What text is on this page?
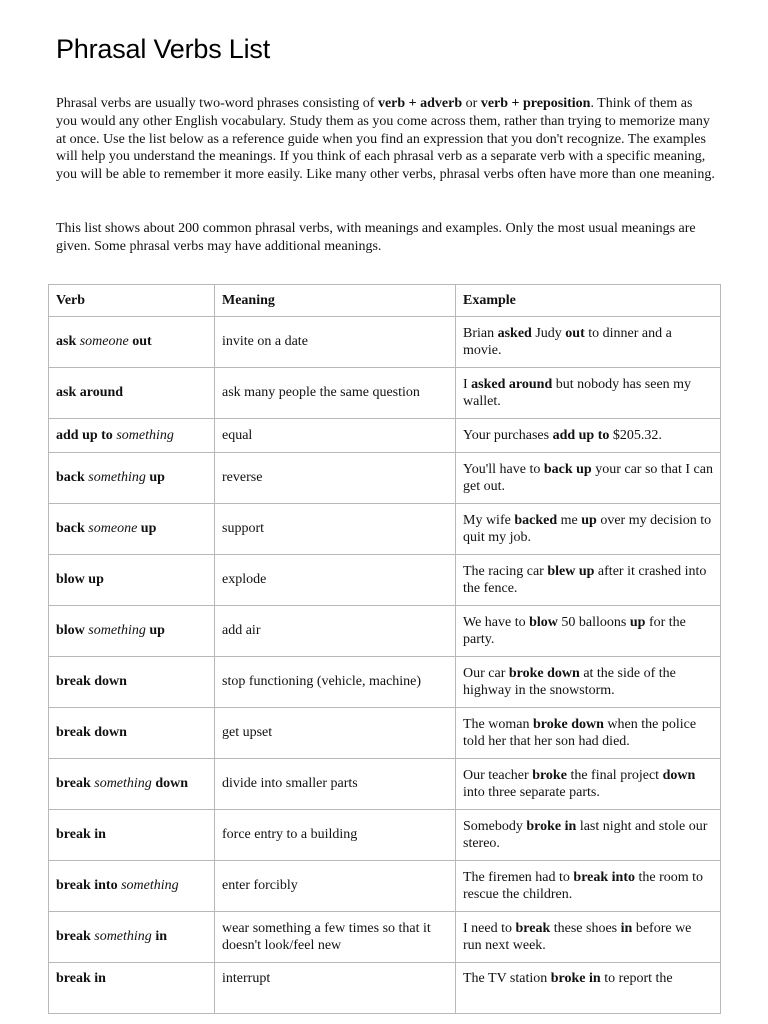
Phrasal Verbs List

Phrasal verbs are usually two-word phrases consisting of verb + adverb or verb + preposition. Think of them as you would any other English vocabulary. Study them as you come across them, rather than trying to memorize many at once. Use the list below as a reference guide when you find an expression that you don't recognize. The examples will help you understand the meanings. If you think of each phrasal verb as a separate verb with a specific meaning, you will be able to remember it more easily. Like many other verbs, phrasal verbs often have more than one meaning.

This list shows about 200 common phrasal verbs, with meanings and examples. Only the most usual meanings are given. Some phrasal verbs may have additional meanings.

Verb	Meaning	Example
ask someone out	invite on a date	Brian asked Judy out to dinner and a movie.
ask around	ask many people the same question	I asked around but nobody has seen my wallet.
add up to something	equal	Your purchases add up to $205.32.
back something up	reverse	You'll have to back up your car so that I can get out.
back someone up	support	My wife backed me up over my decision to quit my job.
blow up	explode	The racing car blew up after it crashed into the fence.
blow something up	add air	We have to blow 50 balloons up for the party.
break down	stop functioning (vehicle, machine)	Our car broke down at the side of the highway in the snowstorm.
break down	get upset	The woman broke down when the police told her that her son had died.
break something down	divide into smaller parts	Our teacher broke the final project down into three separate parts.
break in	force entry to a building	Somebody broke in last night and stole our stereo.
break into something	enter forcibly	The firemen had to break into the room to rescue the children.
break something in	wear something a few times so that it doesn't look/feel new	I need to break these shoes in before we run next week.
break in	interrupt	The TV station broke in to report the
